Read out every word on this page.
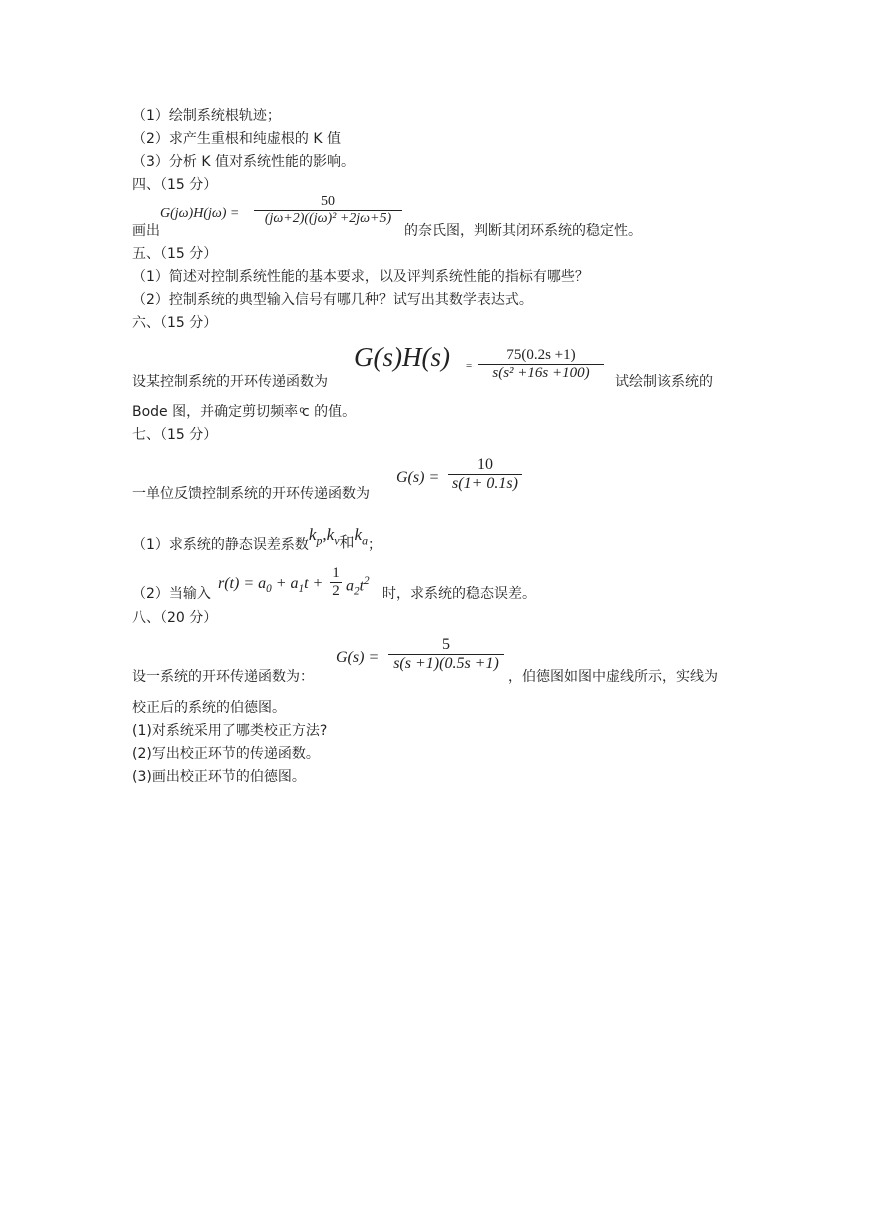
（1）绘制系统根轨迹；
（2）求产生重根和纯虚根的 K 值
（3）分析 K 值对系统性能的影响。
四、（15 分）
G(jω)H(jω) =
50
(jω+2)((jω)² +2jω+5)
画出	的奈氏图，判断其闭环系统的稳定性。
五、（15 分）
（1）简述对控制系统性能的基本要求，以及评判系统性能的指标有哪些？
（2）控制系统的典型输入信号有哪几种？试写出其数学表达式。
六、（15 分）
G(s)H(s) =
75(0.2s +1)
s(s² +16s +100)
设某控制系统的开环传递函数为	试绘制该系统的
Bode 图，并确定剪切频率 ͨc 的值。
七、（15 分）
G(s) =
10
s(1+ 0.1s)
一单位反馈控制系统的开环传递函数为
（1）求系统的静态误差系数$k_p,k_v$和$k_a$；
$r(t) = a_0 + a_1t$ +
1
2 $a_2t^2$
（2）当输入	时，求系统的稳态误差。
八、（20 分）
G(s) =
5
s(s +1)(0.5s +1)
设一系统的开环传递函数为：	，伯德图如图中虚线所示，实线为
校正后的系统的伯德图。
(1)对系统采用了哪类校正方法?
(2)写出校正环节的传递函数。
(3)画出校正环节的伯德图。
